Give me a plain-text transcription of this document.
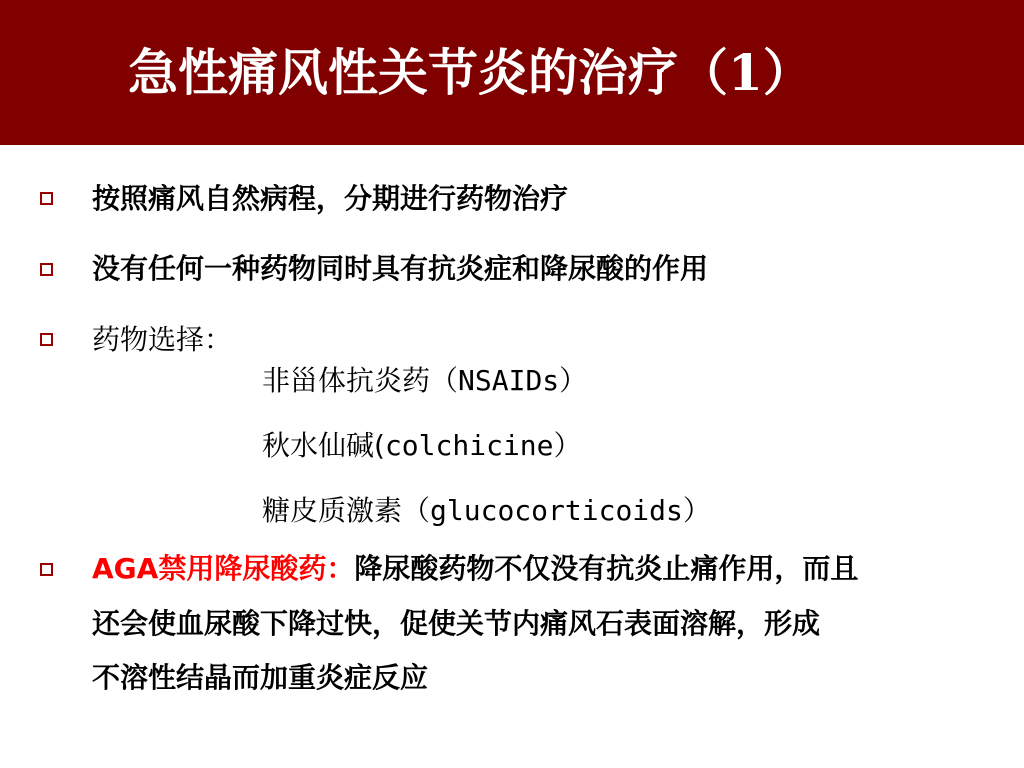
急性痛风性关节炎的治疗（1）
按照痛风自然病程，分期进行药物治疗
没有任何一种药物同时具有抗炎症和降尿酸的作用
药物选择：
非甾体抗炎药（NSAIDs）
秋水仙碱(colchicine）
糖皮质激素（glucocorticoids）
AGA禁用降尿酸药：降尿酸药物不仅没有抗炎止痛作用，而且
还会使血尿酸下降过快，促使关节内痛风石表面溶解，形成
不溶性结晶而加重炎症反应
